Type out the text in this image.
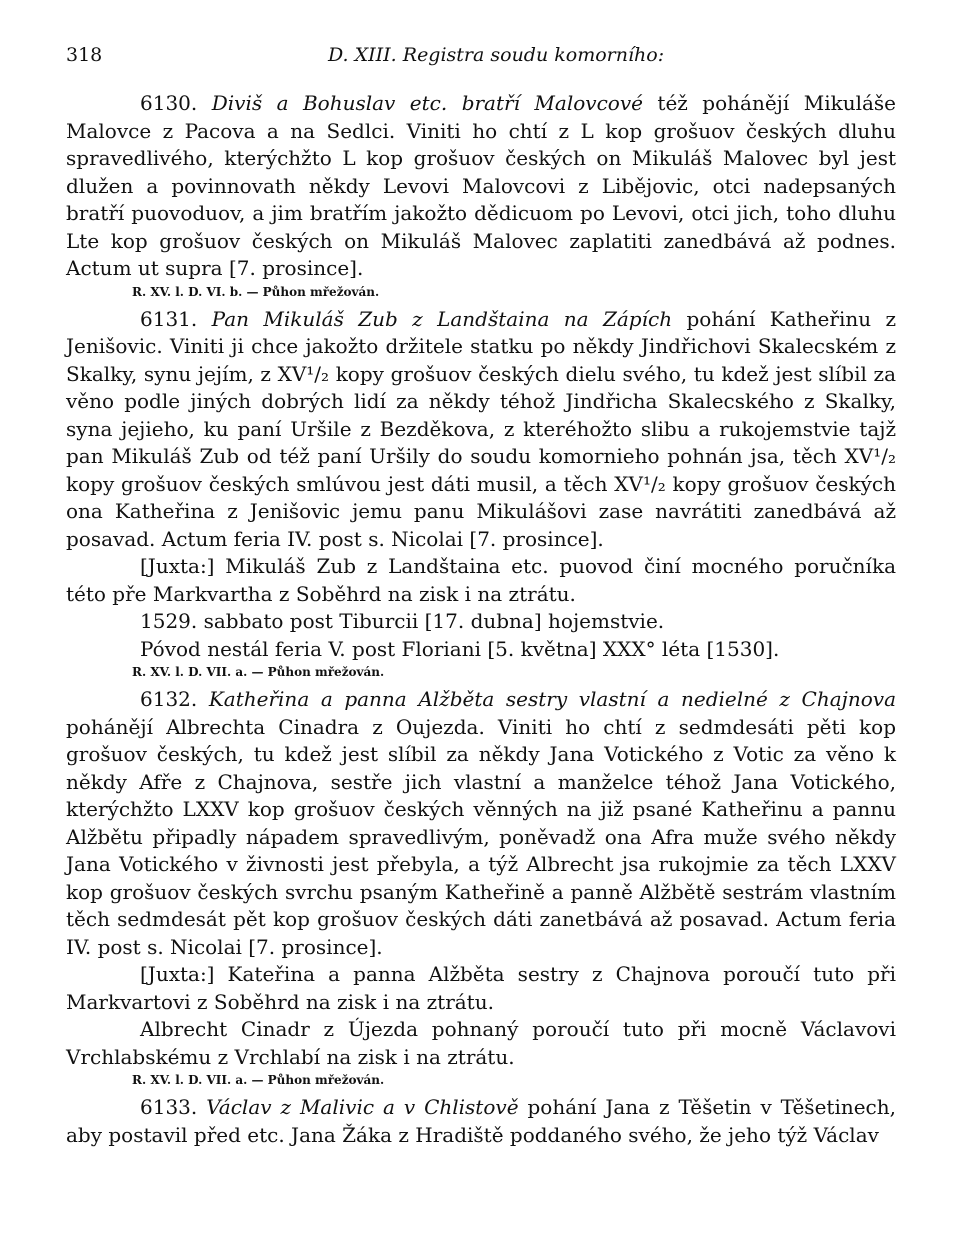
318	D. XIII. Registra soudu komorního:

6130. Diviš a Bohuslav etc. bratří Malovcové též pohánějí Mikuláše Malovce z Pacova a na Sedlci. Viniti ho chtí z L kop grošuov českých dluhu spravedlivého, kterýchžto L kop grošuov českých on Mikuláš Malovec byl jest dlužen a povinnovath někdy Levovi Malovcovi z Libějovic, otci nadepsaných bratří puovoduov, a jim bratřím jakožto dědicuom po Levovi, otci jich, toho dluhu Lte kop grošuov českých on Mikuláš Malovec zaplatiti zanedbává až podnes. Actum ut supra [7. prosince].

R. XV. l. D. VI. b. — Půhon mřežován.

6131. Pan Mikuláš Zub z Landštaina na Zápích pohání Katheřinu z Jenišovic. Viniti ji chce jakožto držitele statku po někdy Jindřichovi Skalecském z Skalky, synu jejím, z XV¹/₂ kopy grošuov českých dielu svého, tu kdež jest slíbil za věno podle jiných dobrých lidí za někdy téhož Jindřicha Skalecského z Skalky, syna jejieho, ku paní Uršile z Bezděkova, z kteréhožto slibu a rukojemstvie tajž pan Mikuláš Zub od též paní Uršily do soudu komornieho pohnán jsa, těch XV¹/₂ kopy grošuov českých smlúvou jest dáti musil, a těch XV¹/₂ kopy grošuov českých ona Katheřina z Jenišovic jemu panu Mikulášovi zase navrátiti zanedbává až posavad. Actum feria IV. post s. Nicolai [7. prosince].

[Juxta:] Mikuláš Zub z Landštaina etc. puovod činí mocného poručníka této pře Markvartha z Soběhrd na zisk i na ztrátu.

1529. sabbato post Tiburcii [17. dubna] hojemstvie.

Póvod nestál feria V. post Floriani [5. května] XXX° léta [1530].

R. XV. l. D. VII. a. — Půhon mřežován.

6132. Katheřina a panna Alžběta sestry vlastní a nedielné z Chajnova pohánějí Albrechta Cinadra z Oujezda. Viniti ho chtí z sedmdesáti pěti kop grošuov českých, tu kdež jest slíbil za někdy Jana Votického z Votic za věno k někdy Afře z Chajnova, sestře jich vlastní a manželce téhož Jana Votického, kterýchžto LXXV kop grošuov českých věnných na již psané Katheřinu a pannu Alžbětu připadly nápadem spravedlivým, poněvadž ona Afra muže svého někdy Jana Votického v živnosti jest přebyla, a týž Albrecht jsa rukojmie za těch LXXV kop grošuov českých svrchu psaným Katheřině a panně Alžbětě sestrám vlastním těch sedmdesát pět kop grošuov českých dáti zanetbává až posavad. Actum feria IV. post s. Nicolai [7. prosince].

[Juxta:] Kateřina a panna Alžběta sestry z Chajnova poroučí tuto při Markvartovi z Soběhrd na zisk i na ztrátu.

Albrecht Cinadr z Újezda pohnaný poroučí tuto při mocně Václavovi Vrchlabskému z Vrchlabí na zisk i na ztrátu.

R. XV. l. D. VII. a. — Půhon mřežován.

6133. Václav z Malivic a v Chlistově pohání Jana z Těšetin v Těšetinech, aby postavil před etc. Jana Žáka z Hradiště poddaného svého, že jeho týž Václav
